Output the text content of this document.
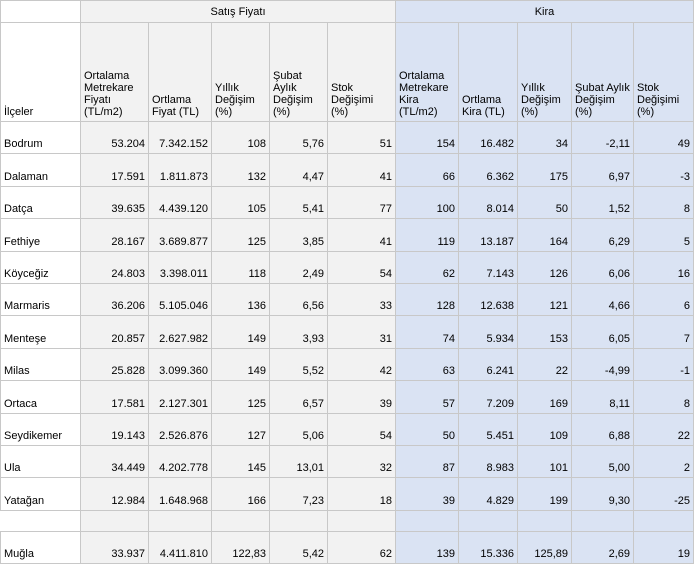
	Satış Fiyatı					Kira				
İlçeler	Ortalama Metrekare Fiyatı (TL/m2)	Ortlama Fiyat (TL)	Yıllık Değişim (%)	Şubat Aylık Değişim (%)	Stok Değişimi (%)	Ortalama Metrekare Kira (TL/m2)	Ortlama Kira (TL)	Yıllık Değişim (%)	Şubat Aylık Değişim (%)	Stok Değişimi (%)
Bodrum	53.204	7.342.152	108	5,76	51	154	16.482	34	-2,11	49
Dalaman	17.591	1.811.873	132	4,47	41	66	6.362	175	6,97	-3
Datça	39.635	4.439.120	105	5,41	77	100	8.014	50	1,52	8
Fethiye	28.167	3.689.877	125	3,85	41	119	13.187	164	6,29	5
Köyceğiz	24.803	3.398.011	118	2,49	54	62	7.143	126	6,06	16
Marmaris	36.206	5.105.046	136	6,56	33	128	12.638	121	4,66	6
Menteşe	20.857	2.627.982	149	3,93	31	74	5.934	153	6,05	7
Milas	25.828	3.099.360	149	5,52	42	63	6.241	22	-4,99	-1
Ortaca	17.581	2.127.301	125	6,57	39	57	7.209	169	8,11	8
Seydikemer	19.143	2.526.876	127	5,06	54	50	5.451	109	6,88	22
Ula	34.449	4.202.778	145	13,01	32	87	8.983	101	5,00	2
Yatağan	12.984	1.648.968	166	7,23	18	39	4.829	199	9,30	-25

Muğla	33.937	4.411.810	122,83	5,42	62	139	15.336	125,89	2,69	19
